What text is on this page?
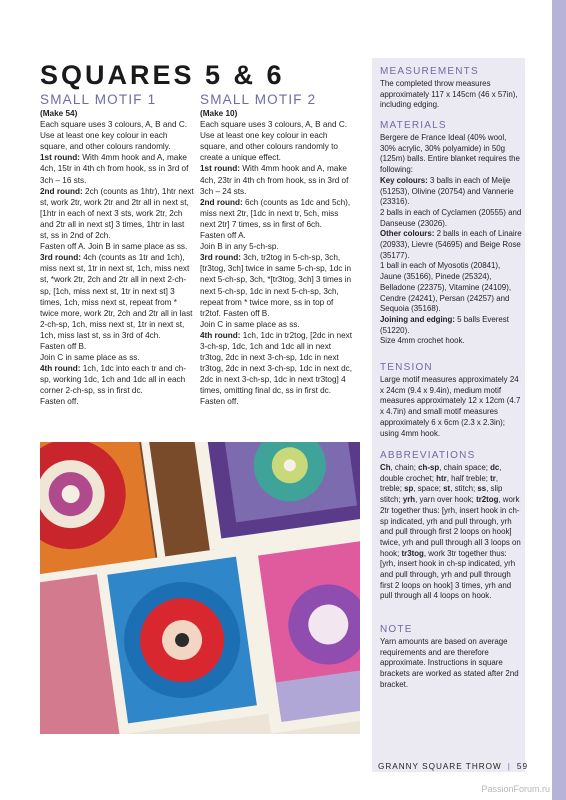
SQUARES 5 & 6
SMALL MOTIF 1

(Make 54)

Each square uses 3 colours, A, B and C. Use at least one key colour in each square, and other colours randomly.

1st round: With 4mm hook and A, make 4ch, 15tr in 4th ch from hook, ss in 3rd of 3ch – 16 sts.

2nd round: 2ch (counts as 1htr), 1htr next st, work 2tr, work 2tr and 2tr all in next st, [1htr in each of next 3 sts, work 2tr, 2ch and 2tr all in next st] 3 times, 1htr in last st, ss in 2nd of 2ch.

Fasten off A. Join B in same place as ss.

3rd round: 4ch (counts as 1tr and 1ch), miss next st, 1tr in next st, 1ch, miss next st, *work 2tr, 2ch and 2tr all in next 2-ch-sp, [1ch, miss next st, 1tr in next st] 3 times, 1ch, miss next st, repeat from * twice more, work 2tr, 2ch and 2tr all in last 2-ch-sp, 1ch, miss next st, 1tr in next st, 1ch, miss last st, ss in 3rd of 4ch.

Fasten off B.

Join C in same place as ss.

4th round: 1ch, 1dc into each tr and ch-sp, working 1dc, 1ch and 1dc all in each corner 2-ch-sp, ss in first dc.

Fasten off.

SMALL MOTIF 2

(Make 10)

Each square uses 3 colours, A, B and C. Use at least one key colour in each square, and other colours randomly to create a unique effect.

1st round: With 4mm hook and A, make 4ch, 23tr in 4th ch from hook, ss in 3rd of 3ch – 24 sts.

2nd round: 6ch (counts as 1dc and 5ch), miss next 2tr, [1dc in next tr, 5ch, miss next 2tr] 7 times, ss in first of 6ch.

Fasten off A.

Join B in any 5-ch-sp.

3rd round: 3ch, tr2tog in 5-ch-sp, 3ch, [tr3tog, 3ch] twice in same 5-ch-sp, 1dc in next 5-ch-sp, 3ch, *[tr3tog, 3ch] 3 times in next 5-ch-sp, 1dc in next 5-ch-sp, 3ch, repeat from * twice more, ss in top of tr2tof. Fasten off B.

Join C in same place as ss.

4th round: 1ch, 1dc in tr2tog, [2dc in next 3-ch-sp, 1dc, 1ch and 1dc all in next tr3tog, 2dc in next 3-ch-sp, 1dc in next tr3tog, 2dc in next 3-ch-sp, 1dc in next dc, 2dc in next 3-ch-sp, 1dc in next tr3tog] 4 times, omitting final dc, ss in first dc. Fasten off.

MEASUREMENTS

The completed throw measures approximately 117 x 145cm (46 x 57in), including edging.

MATERIALS

Bergere de France Ideal (40% wool, 30% acrylic, 30% polyamide) in 50g (125m) balls. Entire blanket requires the following:

Key colours: 3 balls in each of Meije (51253), Olivine (20754) and Vannerie (23316).

2 balls in each of Cyclamen (20555) and Danseuse (23026).

Other colours: 2 balls in each of Linaire (20933), Lievre (54695) and Beige Rose (35177).

1 ball in each of Myosotis (20841), Jaune (35166), Pinede (25324), Belladone (22375), Vitamine (24109), Cendre (24241), Persan (24257) and Sequoia (35168).

Joining and edging: 5 balls Everest (51220).

Size 4mm crochet hook.

TENSION

Large motif measures approximately 24 x 24cm (9.4 x 9.4in), medium motif measures approximately 12 x 12cm (4.7 x 4.7in) and small motif measures approximately 6 x 6cm (2.3 x 2.3in); using 4mm hook.

ABBREVIATIONS

Ch, chain; ch-sp, chain space; dc, double crochet; htr, half treble; tr, treble; sp, space; st, stitch; ss, slip stitch; yrh, yarn over hook; tr2tog, work 2tr together thus: [yrh, insert hook in ch-sp indicated, yrh and pull through, yrh and pull through first 2 loops on hook] twice, yrh and pull through all 3 loops on hook; tr3tog, work 3tr together thus: [yrh, insert hook in ch-sp indicated, yrh and pull through, yrh and pull through first 2 loops on hook] 3 times, yrh and pull through all 4 loops on hook.

NOTE

Yarn amounts are based on average requirements and are therefore approximate. Instructions in square brackets are worked as stated after 2nd bracket.

GRANNY SQUARE THROW | 59
PassionForum.ru
